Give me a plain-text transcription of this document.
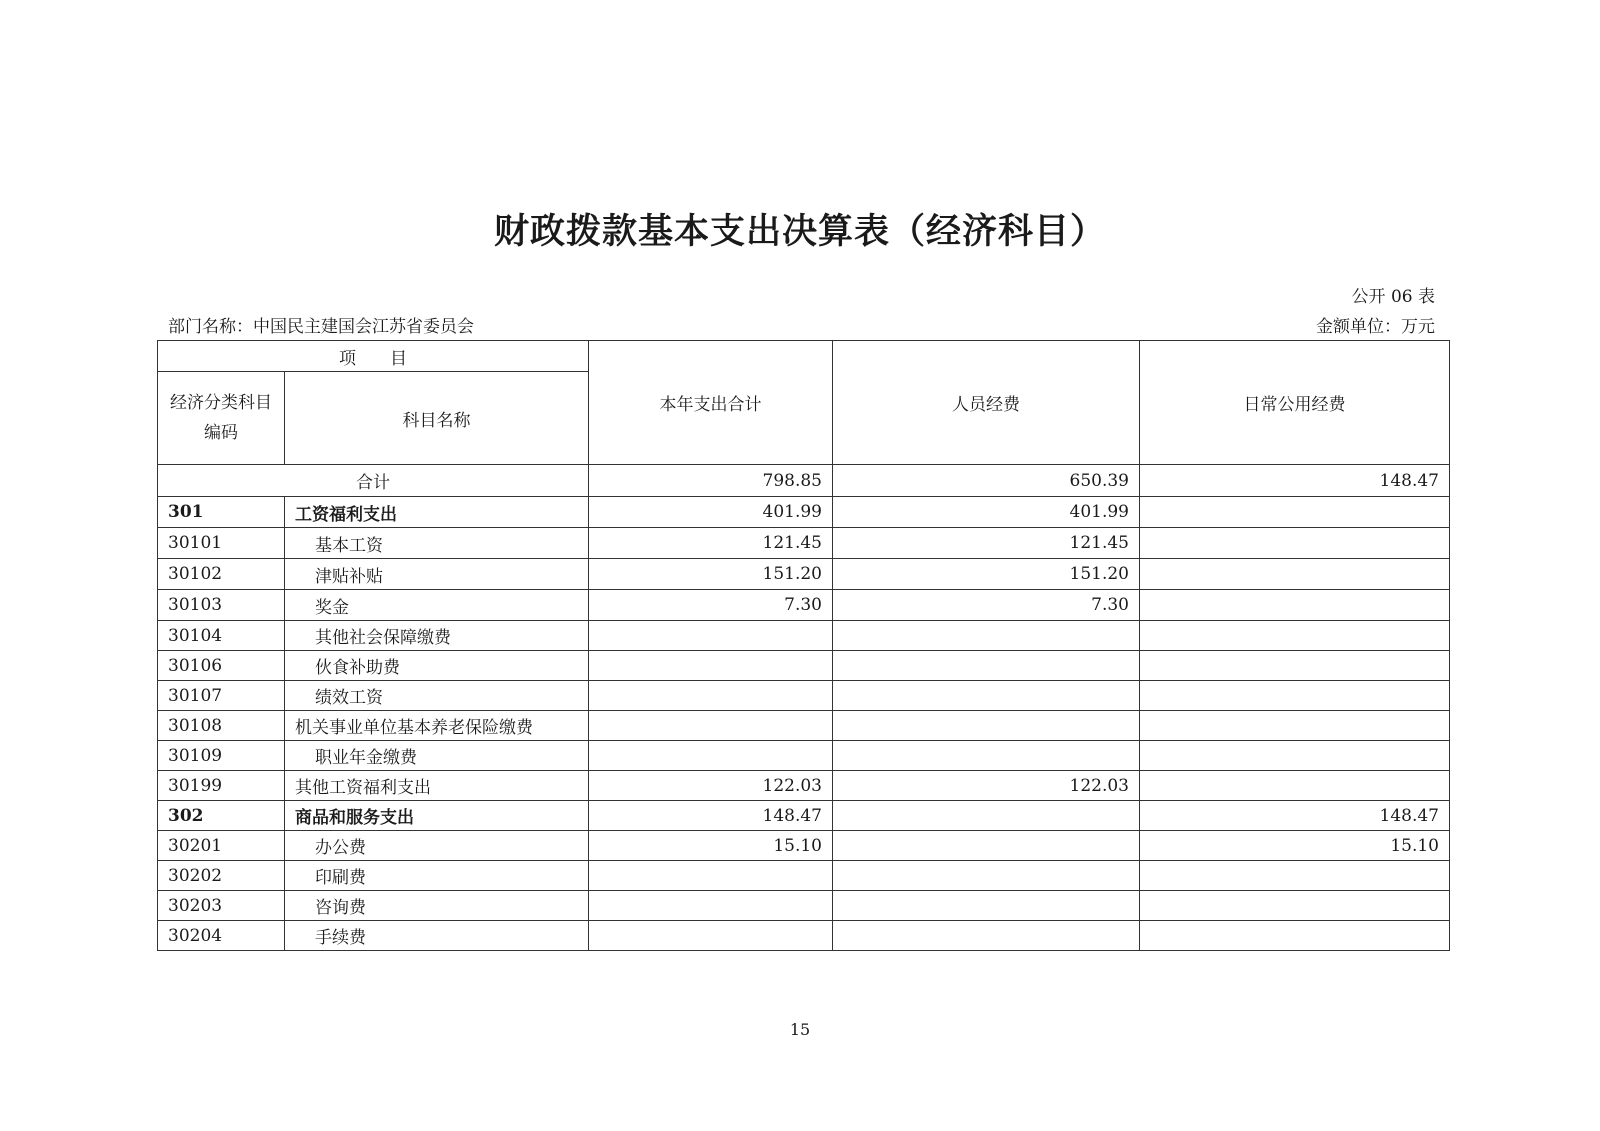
财政拨款基本支出决算表（经济科目）
公开 06 表
部门名称：中国民主建国会江苏省委员会	金额单位：万元
项　　目		本年支出合计	人员经费	日常公用经费
经济分类科目编码	科目名称			
合计		798.85	650.39	148.47
301	工资福利支出	401.99	401.99	
30101	基本工资	121.45	121.45	
30102	津贴补贴	151.20	151.20	
30103	奖金	7.30	7.30	
30104	其他社会保障缴费			
30106	伙食补助费			
30107	绩效工资			
30108	机关事业单位基本养老保险缴费			
30109	职业年金缴费			
30199	其他工资福利支出	122.03	122.03	
302	商品和服务支出	148.47		148.47
30201	办公费	15.10		15.10
30202	印刷费			
30203	咨询费			
30204	手续费			
15
